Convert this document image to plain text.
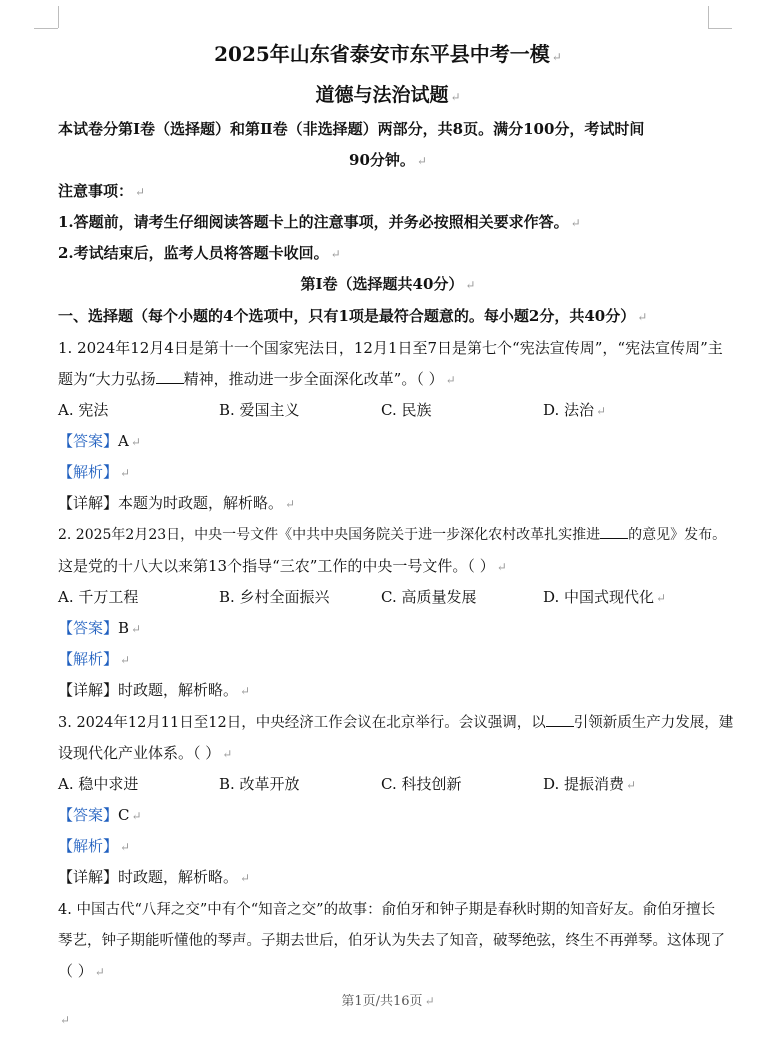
2025年山东省泰安市东平县中考一模 ↵
道德与法治试题 ↵
本试卷分第Ⅰ卷（选择题）和第Ⅱ卷（非选择题）两部分，共8页。满分100分，考试时间
90分钟。 ↵
注意事项： ↵
1.答题前，请考生仔细阅读答题卡上的注意事项，并务必按照相关要求作答。 ↵
2.考试结束后，监考人员将答题卡收回。 ↵
第Ⅰ卷（选择题共40分） ↵
一、选择题（每个小题的4个选项中，只有1项是最符合题意的。每小题2分，共40分） ↵
1. 2024年12月4日是第十一个国家宪法日，12月1日至7日是第七个“宪法宣传周”，“宪法宣传周”主
题为“大力弘扬 精神，推动进一步全面深化改革”。（ ） ↵
A. 宪法	B. 爱国主义	C. 民族	D. 法治 ↵
【答案】A ↵
【解析】 ↵
【详解】本题为时政题，解析略。 ↵
2. 2025年2月23日，中央一号文件《中共中央国务院关于进一步深化农村改革扎实推进 的意见》发布。
这是党的十八大以来第13个指导“三农”工作的中央一号文件。（ ） ↵
A. 千万工程	B. 乡村全面振兴	C. 高质量发展	D. 中国式现代化 ↵
【答案】B ↵
【解析】 ↵
【详解】时政题，解析略。 ↵
3. 2024年12月11日至12日，中央经济工作会议在北京举行。会议强调，以 引领新质生产力发展，建
设现代化产业体系。（ ） ↵
A. 稳中求进	B. 改革开放	C. 科技创新	D. 提振消费 ↵
【答案】C ↵
【解析】 ↵
【详解】时政题，解析略。 ↵
4. 中国古代“八拜之交”中有个“知音之交”的故事：俞伯牙和钟子期是春秋时期的知音好友。俞伯牙擅长
琴艺，钟子期能听懂他的琴声。子期去世后，伯牙认为失去了知音，破琴绝弦，终生不再弹琴。这体现了
（ ） ↵
第1页/共16页 ↵
↵
